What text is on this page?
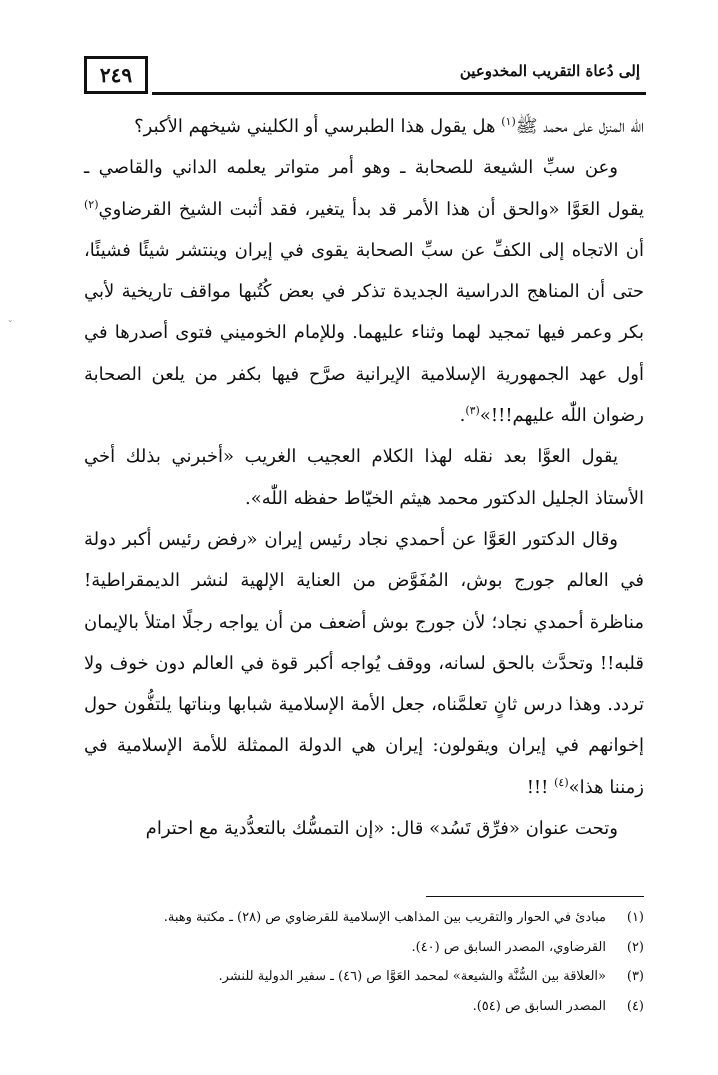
إلى دُعاة التقريب المخدوعين
٢٤٩
ˇ

اللّٰه المنزل على محمد ﷺ$^{(١)}$ هل يقول هذا الطبرسي أو الكليني شيخهم الأكبر؟

وعن سبِّ الشيعة للصحابة ـ وهو أمر متواتر يعلمه الداني والقاصي ـ يقول العَوَّا «والحق أن هذا الأمر قد بدأ يتغير، فقد أثبت الشيخ القرضاوي$^{(٢)}$ أن الاتجاه إلى الكفِّ عن سبِّ الصحابة يقوى في إيران وينتشر شيئًا فشيئًا، حتى أن المناهج الدراسية الجديدة تذكر في بعض كُتُبها مواقف تاريخية لأبي بكر وعمر فيها تمجيد لهما وثناء عليهما. وللإمام الخوميني فتوى أصدرها في أول عهد الجمهورية الإسلامية الإيرانية صرَّح فيها بكفر من يلعن الصحابة رضوان اللّٰه عليهم!!!»$^{(٣)}$.

يقول العوَّا بعد نقله لهذا الكلام العجيب الغريب «أخبرني بذلك أخي الأستاذ الجليل الدكتور محمد هيثم الخيّاط حفظه اللّٰه».

وقال الدكتور العَوَّا عن أحمدي نجاد رئيس إيران «رفض رئيس أكبر دولة في العالم جورج بوش، المُفَوَّض من العناية الإلهية لنشر الديمقراطية! مناظرة أحمدي نجاد؛ لأن جورج بوش أضعف من أن يواجه رجلًا امتلأ بالإيمان قلبه!! وتحدَّث بالحق لسانه، ووقف يُواجه أكبر قوة في العالم دون خوف ولا تردد. وهذا درس ثانٍ تعلمَّناه، جعل الأمة الإسلامية شبابها وبناتها يلتفُّون حول إخوانهم في إيران ويقولون: إيران هي الدولة الممثلة للأمة الإسلامية في زمننا هذا»$^{(٤)}$ !!!

وتحت عنوان «فرِّق تَسُد» قال: «إن التمسُّك بالتعدُّدية مع احترام

(١)
مبادئ في الحوار والتقريب بين المذاهب الإسلامية للقرضاوي ص (٢٨) ـ مكتبة وهبة.
(٢)
القرضاوي، المصدر السابق ص (٤٠).
(٣)
«العلاقة بين السُّنَّة والشيعة» لمحمد العَوَّا ص (٤٦) ـ سفير الدولية للنشر.
(٤)
المصدر السابق ص (٥٤).
